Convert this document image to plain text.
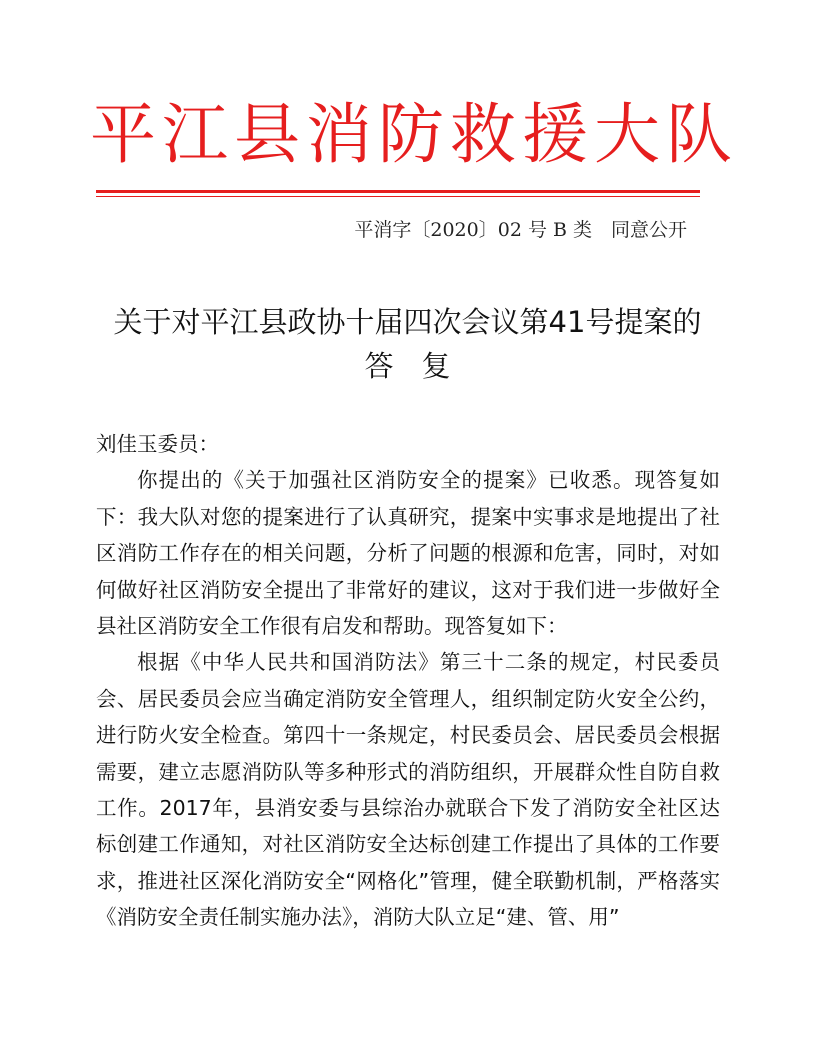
平江县消防救援大队
平消字〔2020〕02 号 B 类　同意公开
关于对平江县政协十届四次会议第41号提案的
答复

刘佳玉委员：

你提出的《关于加强社区消防安全的提案》已收悉。现答复如下：我大队对您的提案进行了认真研究，提案中实事求是地提出了社区消防工作存在的相关问题，分析了问题的根源和危害，同时，对如何做好社区消防安全提出了非常好的建议，这对于我们进一步做好全县社区消防安全工作很有启发和帮助。现答复如下：

根据《中华人民共和国消防法》第三十二条的规定，村民委员会、居民委员会应当确定消防安全管理人，组织制定防火安全公约，进行防火安全检查。第四十一条规定，村民委员会、居民委员会根据需要，建立志愿消防队等多种形式的消防组织，开展群众性自防自救工作。2017年，县消安委与县综治办就联合下发了消防安全社区达标创建工作通知，对社区消防安全达标创建工作提出了具体的工作要求，推进社区深化消防安全“网格化”管理，健全联勤机制，严格落实《消防安全责任制实施办法》，消防大队立足“建、管、用”
